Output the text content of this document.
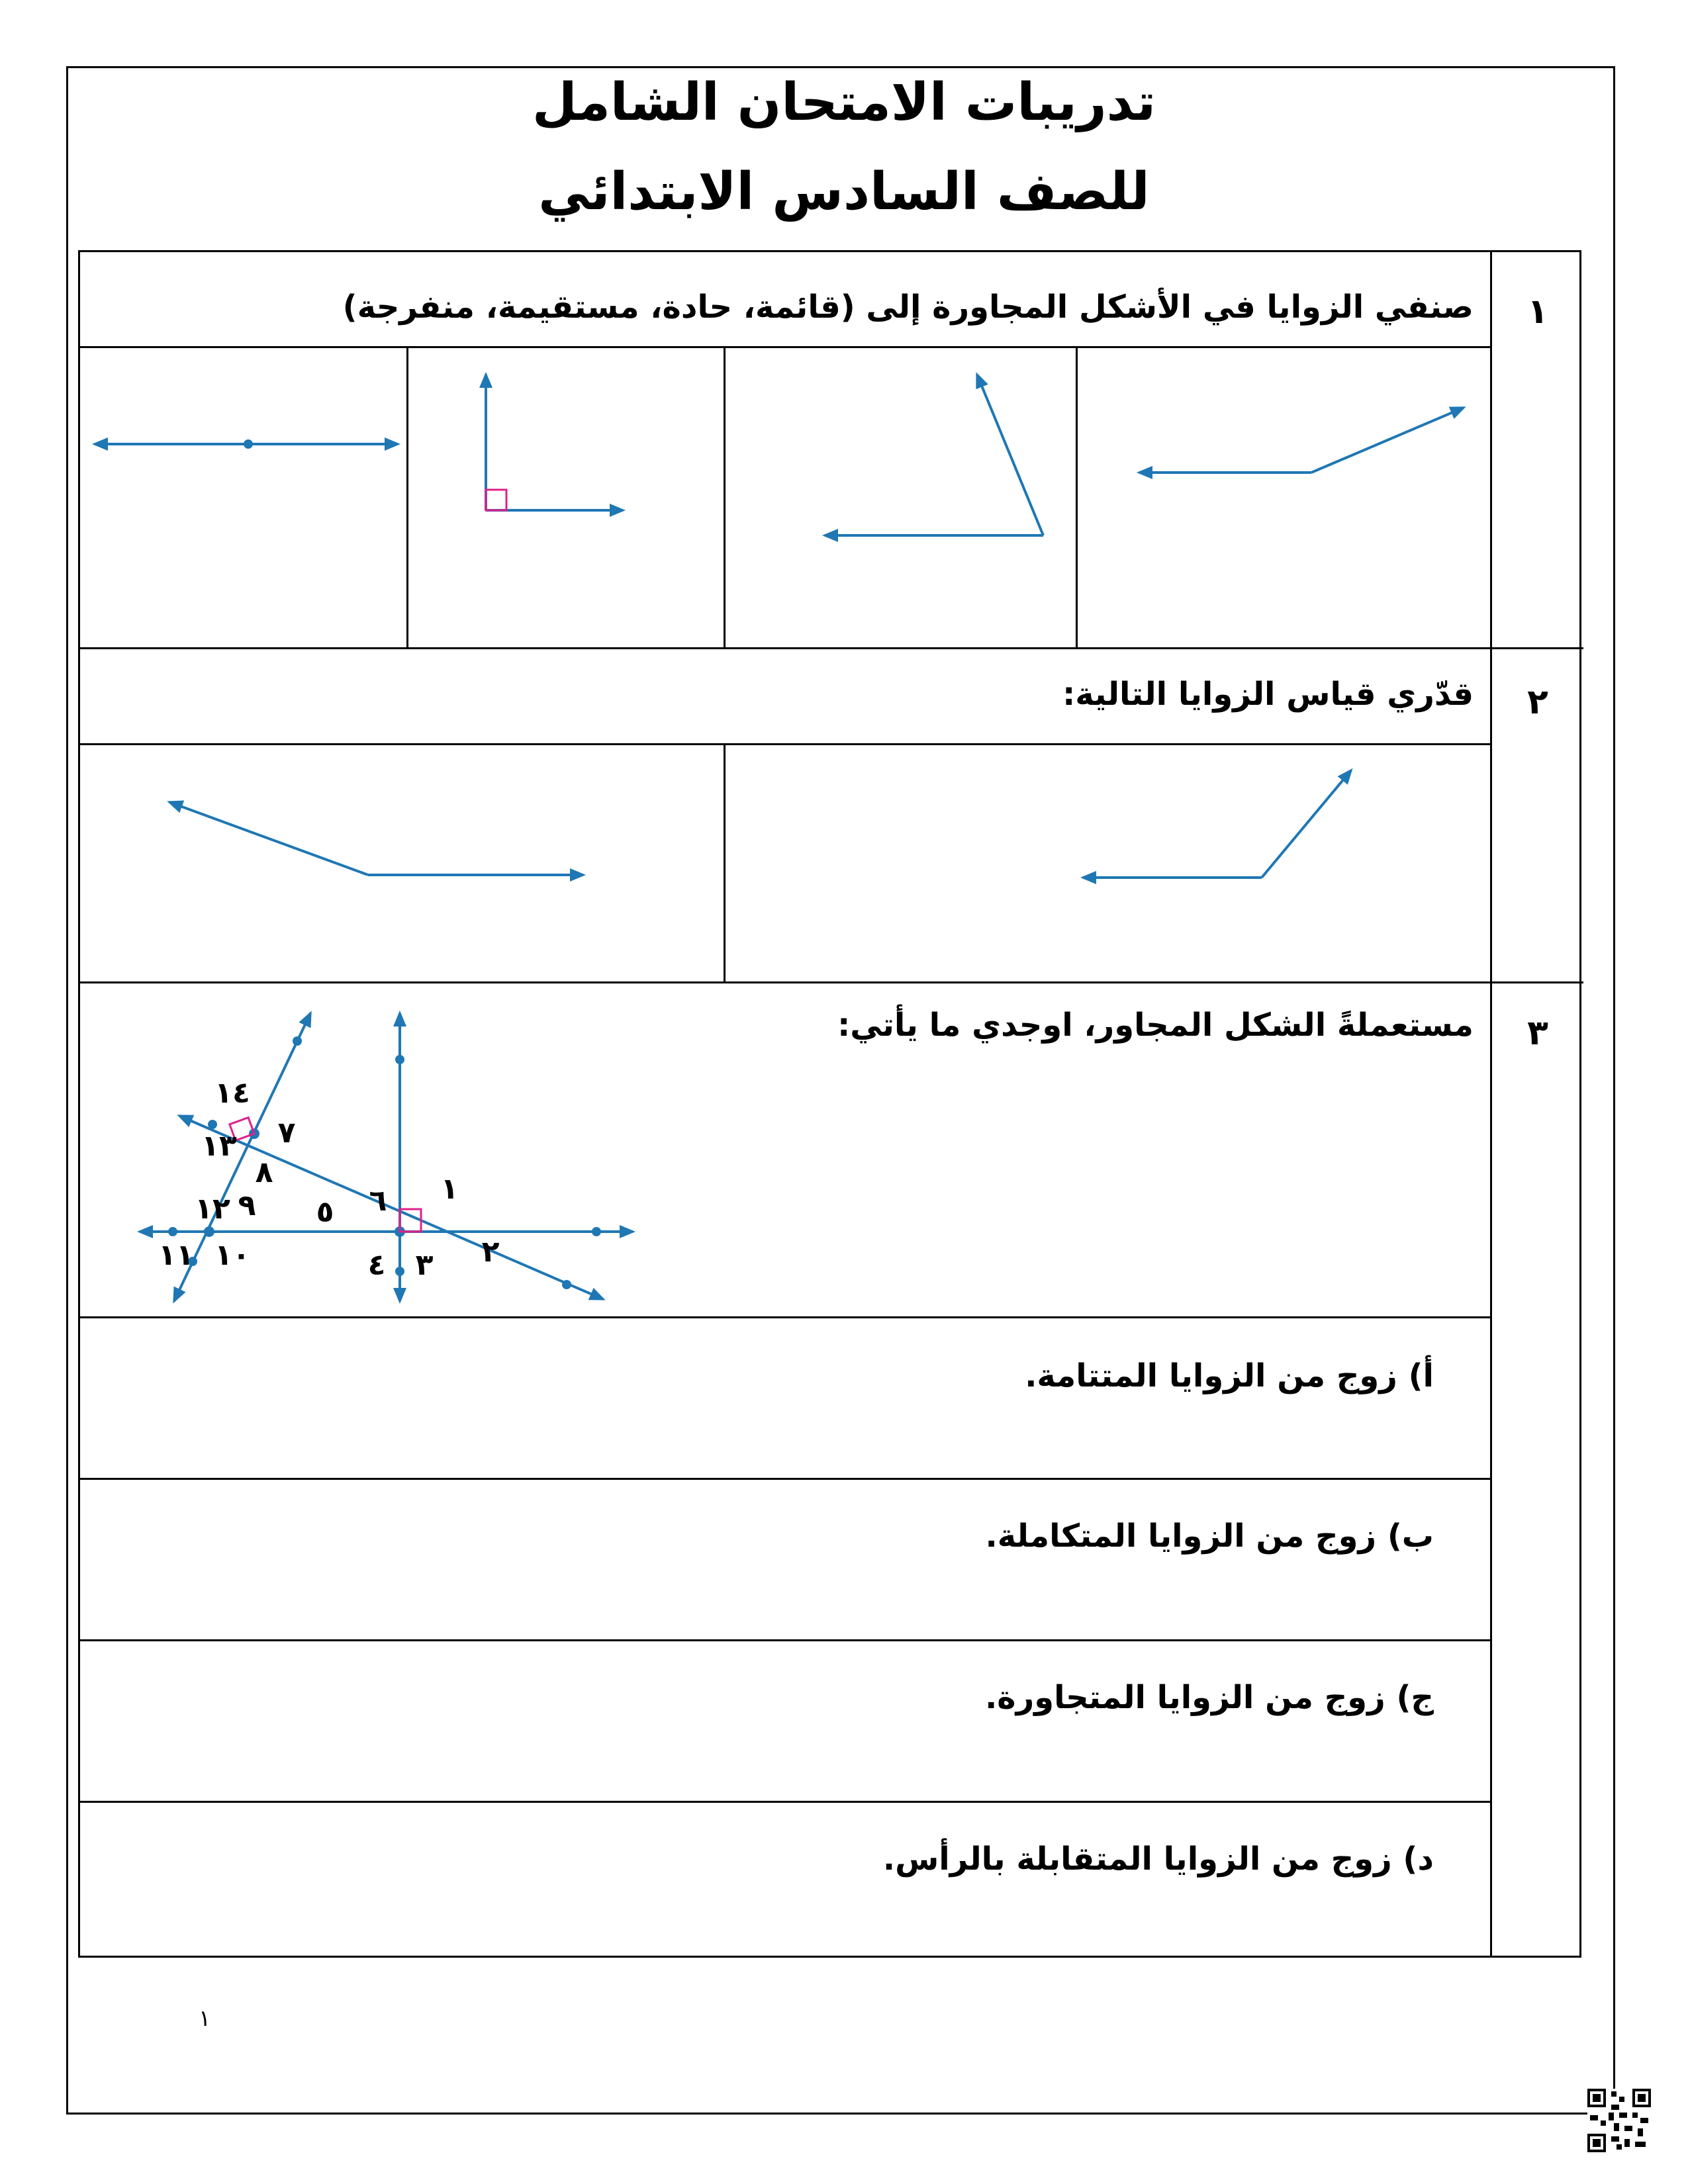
تدريبات الامتحان الشامل
للصف السادس الابتدائي
١
صنفي الزوايا في الأشكل المجاورة إلى (قائمة، حادة، مستقيمة، منفرجة)
٢
قدّري قياس الزوايا التالية:
٣
مستعملةً الشكل المجاور، اوجدي ما يأتي:
١
٢
٣
٤
٥ ٦
٧
٨
٩
١٠
١١
١٢
١٣
١٤
أ) زوج من الزوايا المتتامة.
ب) زوج من الزوايا المتكاملة.
ج) زوج من الزوايا المتجاورة.
د) زوج من الزوايا المتقابلة بالرأس.
١
